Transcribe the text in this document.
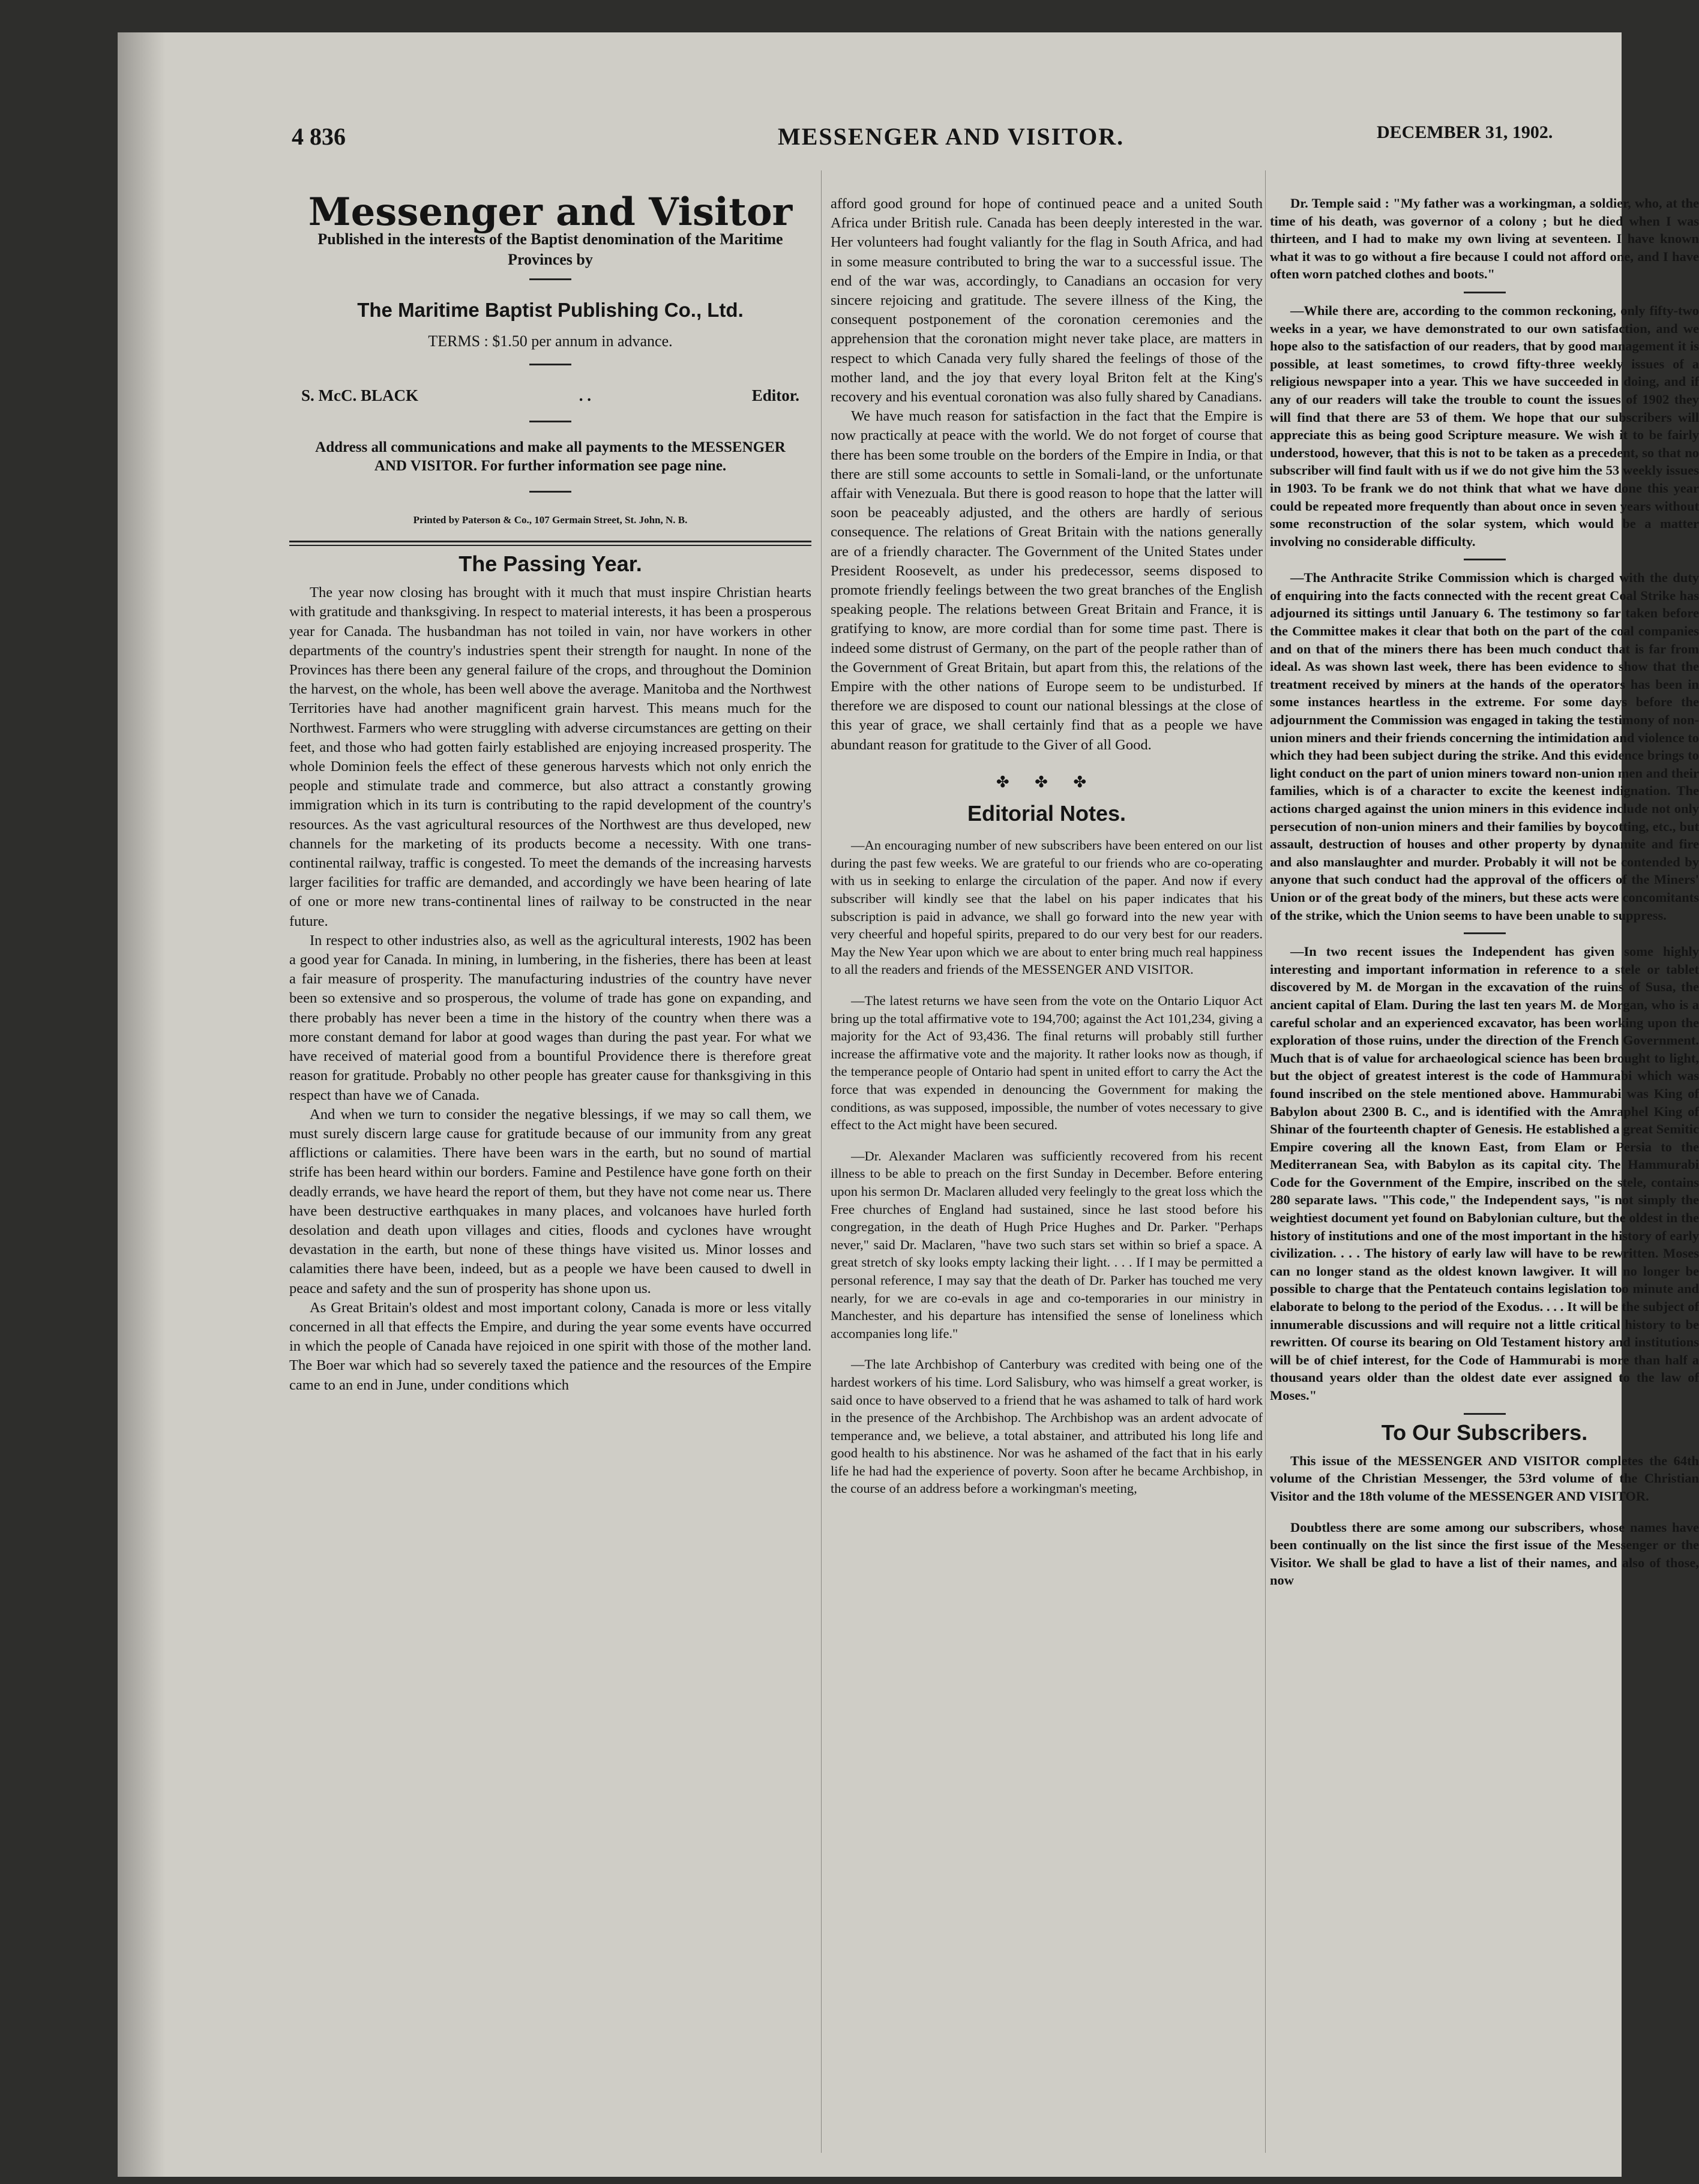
4 836	MESSENGER AND VISITOR.	DECEMBER 31, 1902.
Messenger and Visitor
Published in the interests of the Baptist denomination of the Maritime Provinces by
The Maritime Baptist Publishing Co., Ltd.
TERMS : $1.50 per annum in advance.
S. McC. BLACK	. .	Editor.
Address all communications and make all payments to the MESSENGER AND VISITOR. For further information see page nine.
Printed by Paterson & Co., 107 Germain Street, St. John, N. B.
The Passing Year.

The year now closing has brought with it much that must inspire Christian hearts with gratitude and thanksgiving. In respect to material interests, it has been a prosperous year for Canada. The husbandman has not toiled in vain, nor have workers in other departments of the country's industries spent their strength for naught. In none of the Provinces has there been any general failure of the crops, and throughout the Dominion the harvest, on the whole, has been well above the average. Manitoba and the Northwest Territories have had another magnificent grain harvest. This means much for the Northwest. Farmers who were struggling with adverse circumstances are getting on their feet, and those who had gotten fairly established are enjoying increased prosperity. The whole Dominion feels the effect of these generous harvests which not only enrich the people and stimulate trade and commerce, but also attract a constantly growing immigration which in its turn is contributing to the rapid development of the country's resources. As the vast agricultural resources of the Northwest are thus developed, new channels for the marketing of its products become a necessity. With one trans-continental railway, traffic is congested. To meet the demands of the increasing harvests larger facilities for traffic are demanded, and accordingly we have been hearing of late of one or more new trans-continental lines of railway to be constructed in the near future.

In respect to other industries also, as well as the agricultural interests, 1902 has been a good year for Canada. In mining, in lumbering, in the fisheries, there has been at least a fair measure of prosperity. The manufacturing industries of the country have never been so extensive and so prosperous, the volume of trade has gone on expanding, and there probably has never been a time in the history of the country when there was a more constant demand for labor at good wages than during the past year. For what we have received of material good from a bountiful Providence there is therefore great reason for gratitude. Probably no other people has greater cause for thanksgiving in this respect than have we of Canada.

And when we turn to consider the negative blessings, if we may so call them, we must surely discern large cause for gratitude because of our immunity from any great afflictions or calamities. There have been wars in the earth, but no sound of martial strife has been heard within our borders. Famine and Pestilence have gone forth on their deadly errands, we have heard the report of them, but they have not come near us. There have been destructive earthquakes in many places, and volcanoes have hurled forth desolation and death upon villages and cities, floods and cyclones have wrought devastation in the earth, but none of these things have visited us. Minor losses and calamities there have been, indeed, but as a people we have been caused to dwell in peace and safety and the sun of prosperity has shone upon us.

As Great Britain's oldest and most important colony, Canada is more or less vitally concerned in all that effects the Empire, and during the year some events have occurred in which the people of Canada have rejoiced in one spirit with those of the mother land. The Boer war which had so severely taxed the patience and the resources of the Empire came to an end in June, under conditions which

afford good ground for hope of continued peace and a united South Africa under British rule. Canada has been deeply interested in the war. Her volunteers had fought valiantly for the flag in South Africa, and had in some measure contributed to bring the war to a successful issue. The end of the war was, accordingly, to Canadians an occasion for very sincere rejoicing and gratitude. The severe illness of the King, the consequent postponement of the coronation ceremonies and the apprehension that the coronation might never take place, are matters in respect to which Canada very fully shared the feelings of those of the mother land, and the joy that every loyal Briton felt at the King's recovery and his eventual coronation was also fully shared by Canadians.

We have much reason for satisfaction in the fact that the Empire is now practically at peace with the world. We do not forget of course that there has been some trouble on the borders of the Empire in India, or that there are still some accounts to settle in Somali-land, or the unfortunate affair with Venezuala. But there is good reason to hope that the latter will soon be peaceably adjusted, and the others are hardly of serious consequence. The relations of Great Britain with the nations generally are of a friendly character. The Government of the United States under President Roosevelt, as under his predecessor, seems disposed to promote friendly feelings between the two great branches of the English speaking people. The relations between Great Britain and France, it is gratifying to know, are more cordial than for some time past. There is indeed some distrust of Germany, on the part of the people rather than of the Government of Great Britain, but apart from this, the relations of the Empire with the other nations of Europe seem to be undisturbed. If therefore we are disposed to count our national blessings at the close of this year of grace, we shall certainly find that as a people we have abundant reason for gratitude to the Giver of all Good.

✤ ✤ ✤
Editorial Notes.

—An encouraging number of new subscribers have been entered on our list during the past few weeks. We are grateful to our friends who are co-operating with us in seeking to enlarge the circulation of the paper. And now if every subscriber will kindly see that the label on his paper indicates that his subscription is paid in advance, we shall go forward into the new year with very cheerful and hopeful spirits, prepared to do our very best for our readers. May the New Year upon which we are about to enter bring much real happiness to all the readers and friends of the MESSENGER AND VISITOR.

—The latest returns we have seen from the vote on the Ontario Liquor Act bring up the total affirmative vote to 194,700; against the Act 101,234, giving a majority for the Act of 93,436. The final returns will probably still further increase the affirmative vote and the majority. It rather looks now as though, if the temperance people of Ontario had spent in united effort to carry the Act the force that was expended in denouncing the Government for making the conditions, as was supposed, impossible, the number of votes necessary to give effect to the Act might have been secured.

—Dr. Alexander Maclaren was sufficiently recovered from his recent illness to be able to preach on the first Sunday in December. Before entering upon his sermon Dr. Maclaren alluded very feelingly to the great loss which the Free churches of England had sustained, since he last stood before his congregation, in the death of Hugh Price Hughes and Dr. Parker. "Perhaps never," said Dr. Maclaren, "have two such stars set within so brief a space. A great stretch of sky looks empty lacking their light. . . . If I may be permitted a personal reference, I may say that the death of Dr. Parker has touched me very nearly, for we are co-evals in age and co-temporaries in our ministry in Manchester, and his departure has intensified the sense of loneliness which accompanies long life."

—The late Archbishop of Canterbury was credited with being one of the hardest workers of his time. Lord Salisbury, who was himself a great worker, is said once to have observed to a friend that he was ashamed to talk of hard work in the presence of the Archbishop. The Archbishop was an ardent advocate of temperance and, we believe, a total abstainer, and attributed his long life and good health to his abstinence. Nor was he ashamed of the fact that in his early life he had had the experience of poverty. Soon after he became Archbishop, in the course of an address before a workingman's meeting,

Dr. Temple said : "My father was a workingman, a soldier, who, at the time of his death, was governor of a colony ; but he died when I was thirteen, and I had to make my own living at seventeen. I have known what it was to go without a fire because I could not afford one, and I have often worn patched clothes and boots."

—While there are, according to the common reckoning, only fifty-two weeks in a year, we have demonstrated to our own satisfaction, and we hope also to the satisfaction of our readers, that by good management it is possible, at least sometimes, to crowd fifty-three weekly issues of a religious newspaper into a year. This we have succeeded in doing, and if any of our readers will take the trouble to count the issues of 1902 they will find that there are 53 of them. We hope that our subscribers will appreciate this as being good Scripture measure. We wish it to be fairly understood, however, that this is not to be taken as a precedent, so that no subscriber will find fault with us if we do not give him the 53 weekly issues in 1903. To be frank we do not think that what we have done this year could be repeated more frequently than about once in seven years without some reconstruction of the solar system, which would be a matter involving no considerable difficulty.

—The Anthracite Strike Commission which is charged with the duty of enquiring into the facts connected with the recent great Coal Strike has adjourned its sittings until January 6. The testimony so far taken before the Committee makes it clear that both on the part of the coal companies and on that of the miners there has been much conduct that is far from ideal. As was shown last week, there has been evidence to show that the treatment received by miners at the hands of the operators has been in some instances heartless in the extreme. For some days before the adjournment the Commission was engaged in taking the testimony of non-union miners and their friends concerning the intimidation and violence to which they had been subject during the strike. And this evidence brings to light conduct on the part of union miners toward non-union men and their families, which is of a character to excite the keenest indignation. The actions charged against the union miners in this evidence include not only persecution of non-union miners and their families by boycotting, etc., but assault, destruction of houses and other property by dynamite and fire and also manslaughter and murder. Probably it will not be contended by anyone that such conduct had the approval of the officers of the Miners' Union or of the great body of the miners, but these acts were concomitants of the strike, which the Union seems to have been unable to suppress.

—In two recent issues the Independent has given some highly interesting and important information in reference to a stele or tablet discovered by M. de Morgan in the excavation of the ruins of Susa, the ancient capital of Elam. During the last ten years M. de Morgan, who is a careful scholar and an experienced excavator, has been working upon the exploration of those ruins, under the direction of the French Government. Much that is of value for archaeological science has been brought to light, but the object of greatest interest is the code of Hammurabi which was found inscribed on the stele mentioned above. Hammurabi was King of Babylon about 2300 B. C., and is identified with the Amraphel King of Shinar of the fourteenth chapter of Genesis. He established a great Semitic Empire covering all the known East, from Elam or Persia to the Mediterranean Sea, with Babylon as its capital city. The Hammurabi Code for the Government of the Empire, inscribed on the stele, contains 280 separate laws. "This code," the Independent says, "is not simply the weightiest document yet found on Babylonian culture, but the oldest in the history of institutions and one of the most important in the history of early civilization. . . . The history of early law will have to be rewritten. Moses can no longer stand as the oldest known lawgiver. It will no longer be possible to charge that the Pentateuch contains legislation too minute and elaborate to belong to the period of the Exodus. . . . It will be the subject of innumerable discussions and will require not a little critical history to be rewritten. Of course its bearing on Old Testament history and institutions will be of chief interest, for the Code of Hammurabi is more than half a thousand years older than the oldest date ever assigned to the law of Moses."

To Our Subscribers.

This issue of the MESSENGER AND VISITOR completes the 64th volume of the Christian Messenger, the 53rd volume of the Christian Visitor and the 18th volume of the MESSENGER AND VISITOR.

Doubtless there are some among our subscribers, whose names have been continually on the list since the first issue of the Messenger or the Visitor. We shall be glad to have a list of their names, and also of those, now
